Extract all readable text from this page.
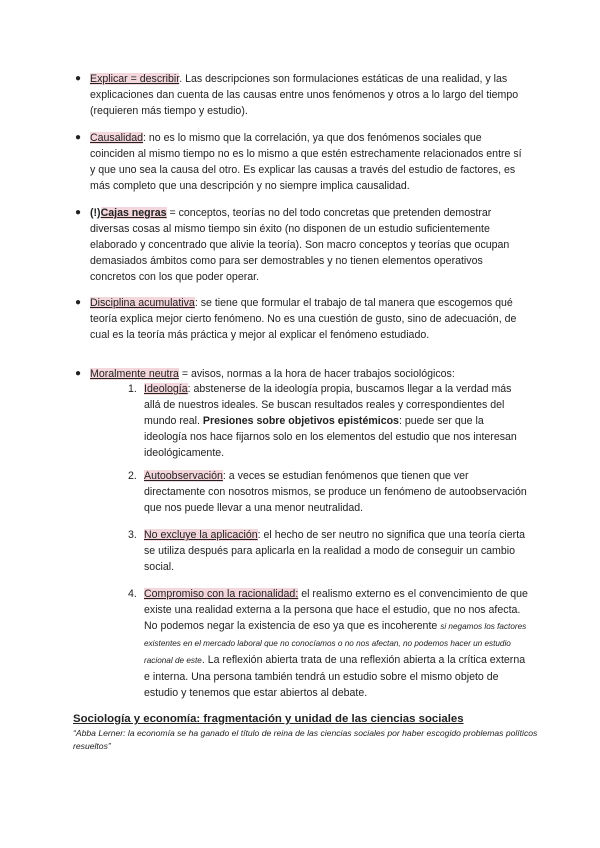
● Explicar = describir. Las descripciones son formulaciones estáticas de una realidad, y las explicaciones dan cuenta de las causas entre unos fenómenos y otros a lo largo del tiempo (requieren más tiempo y estudio).
● Causalidad: no es lo mismo que la correlación, ya que dos fenómenos sociales que coinciden al mismo tiempo no es lo mismo a que estén estrechamente relacionados entre sí y que uno sea la causa del otro. Es explicar las causas a través del estudio de factores, es más completo que una descripción y no siempre implica causalidad.
● (!)Cajas negras = conceptos, teorías no del todo concretas que pretenden demostrar diversas cosas al mismo tiempo sin éxito (no disponen de un estudio suficientemente elaborado y concentrado que alivie la teoría). Son macro conceptos y teorías que ocupan demasiados ámbitos como para ser demostrables y no tienen elementos operativos concretos con los que poder operar.
● Disciplina acumulativa: se tiene que formular el trabajo de tal manera que escogemos qué teoría explica mejor cierto fenómeno. No es una cuestión de gusto, sino de adecuación, de cual es la teoría más práctica y mejor al explicar el fenómeno estudiado.
● Moralmente neutra = avisos, normas a la hora de hacer trabajos sociológicos:
1. Ideología: abstenerse de la ideología propia, buscamos llegar a la verdad más allá de nuestros ideales. Se buscan resultados reales y correspondientes del mundo real. Presiones sobre objetivos epistémicos: puede ser que la ideología nos hace fijarnos solo en los elementos del estudio que nos interesan ideológicamente.
2. Autoobservación: a veces se estudian fenómenos que tienen que ver directamente con nosotros mismos, se produce un fenómeno de autoobservación que nos puede llevar a una menor neutralidad.
3. No excluye la aplicación: el hecho de ser neutro no significa que una teoría cierta se utiliza después para aplicarla en la realidad a modo de conseguir un cambio social.
4. Compromiso con la racionalidad: el realismo externo es el convencimiento de que existe una realidad externa a la persona que hace el estudio, que no nos afecta. No podemos negar la existencia de eso ya que es incoherente si negamos los factores existentes en el mercado laboral que no conocíamos o no nos afectan, no podemos hacer un estudio racional de este. La reflexión abierta trata de una reflexión abierta a la crítica externa e interna. Una persona también tendrá un estudio sobre el mismo objeto de estudio y tenemos que estar abiertos al debate.
Sociología y economía: fragmentación y unidad de las ciencias sociales
“Abba Lerner: la economía se ha ganado el título de reina de las ciencias sociales por haber escogido problemas políticos resueltos”
